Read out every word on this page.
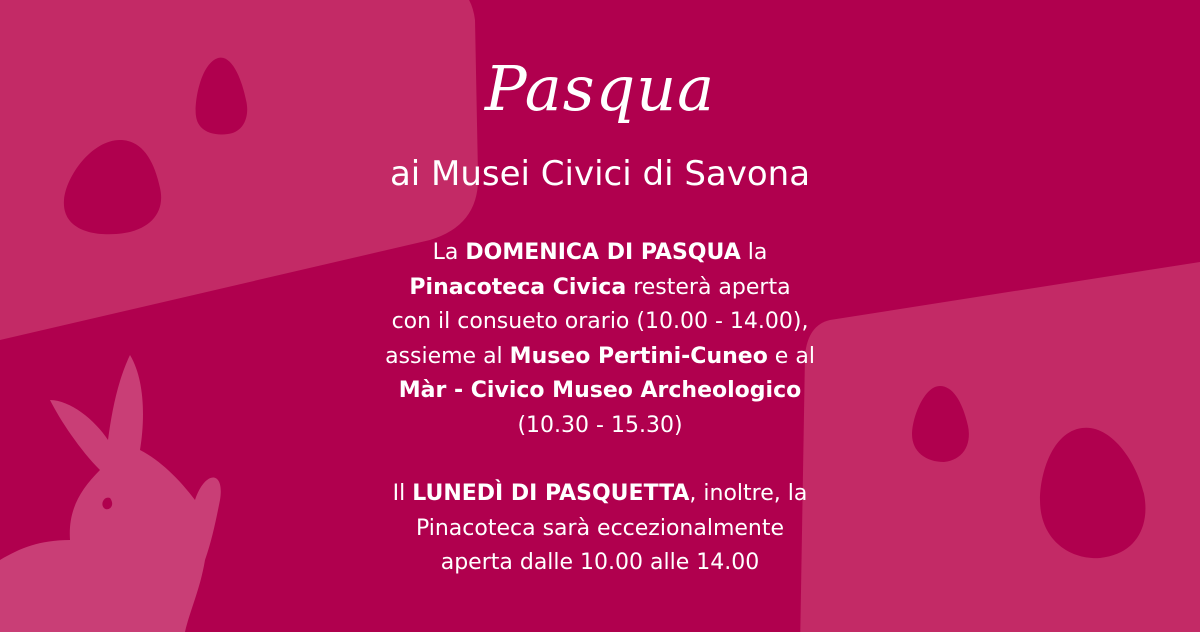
Pasqua
ai Musei Civici di Savona
La DOMENICA DI PASQUA la
Pinacoteca Civica resterà aperta
con il consueto orario (10.00 - 14.00),
assieme al Museo Pertini-Cuneo e al
Màr - Civico Museo Archeologico
(10.30 - 15.30)
Il LUNEDÌ DI PASQUETTA, inoltre, la
Pinacoteca sarà eccezionalmente
aperta dalle 10.00 alle 14.00
